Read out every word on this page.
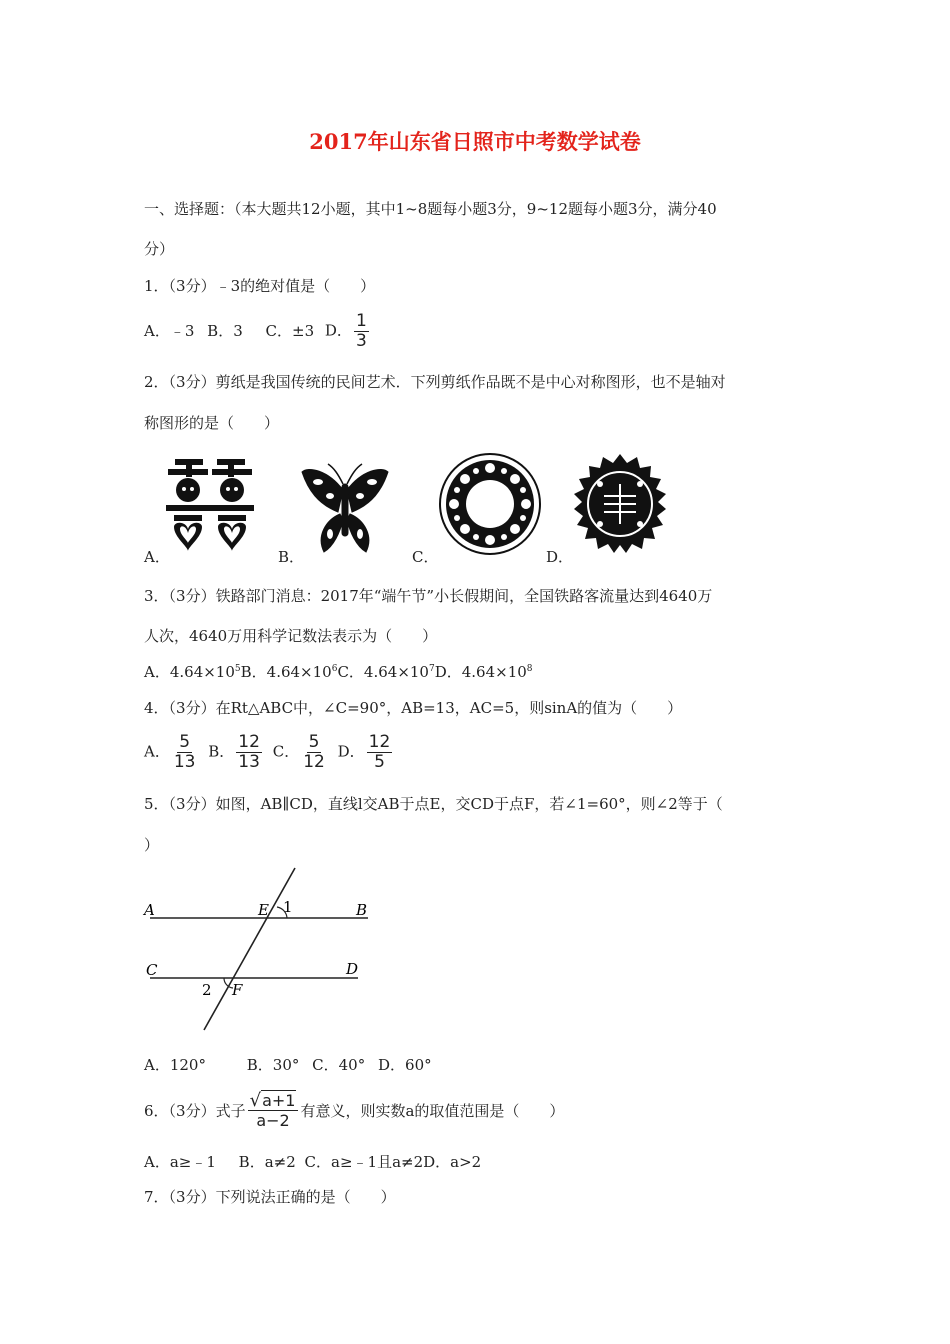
2017年山东省日照市中考数学试卷
一、选择题：（本大题共12小题，其中1~8题每小题3分，9~12题每小题3分，满分40
分）
1．（3分）﹣3的绝对值是（　　）
A．﹣3 B．3 C．±3 D． $\frac{1}{3}$
2．（3分）剪纸是我国传统的民间艺术．下列剪纸作品既不是中心对称图形，也不是轴对
称图形的是（　　）
A．	B．	C．	D．
3．（3分）铁路部门消息：2017年“端午节”小长假期间，全国铁路客流量达到4640万
人次，4640万用科学记数法表示为（　　）
A．$4.64\times 10^5B$．$4.64\times 10^6C$．$4.64\times 10^7D$．$4.64\times 10^8$
4．（3分）在Rt△ABC中，∠C=90°，AB=13，AC=5，则sinA的值为（　　）
A． $\frac{5}{13}$ B． $\frac{12}{13}$ C． $\frac{5}{12}$ D． $\frac{12}{5}$
5．（3分）如图，AB∥CD，直线l交AB于点E，交CD于点F，若∠1=60°，则∠2等于（
）
A	B
C	D
E
F
1
2
A．120°	B．30° C．40° D．60°
6．（3分）式子 $\frac{√ a+1}{a-2}$ 有意义，则实数a的取值范围是（　　）
A．a≥﹣1 B．a≠2 C．a≥﹣1且a≠2D．a>2
7．（3分）下列说法正确的是（　　）
